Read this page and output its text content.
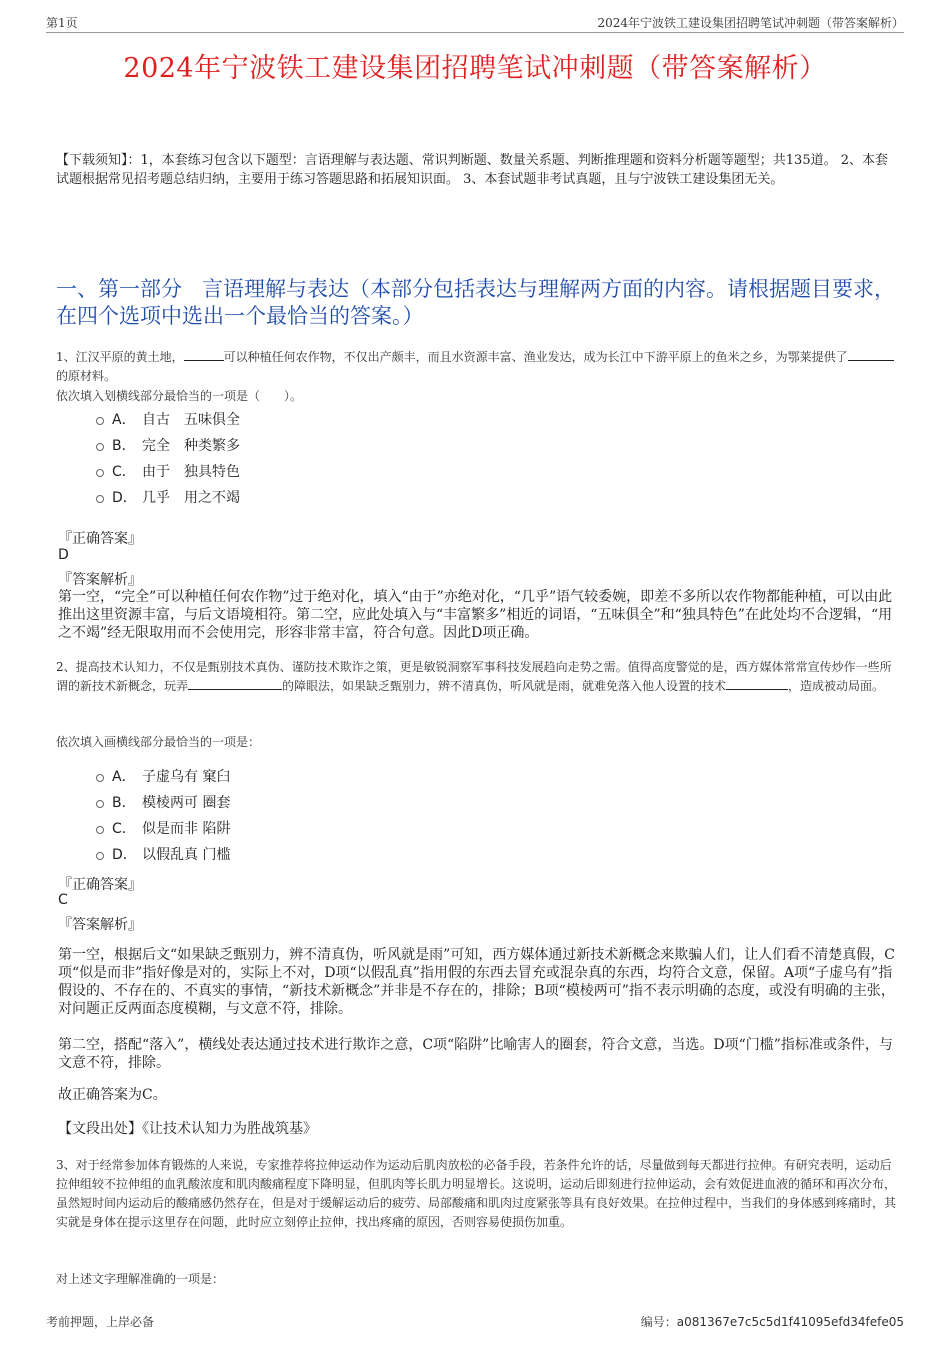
第1页	2024年宁波铁工建设集团招聘笔试冲刺题（带答案解析）
2024年宁波铁工建设集团招聘笔试冲刺题（带答案解析）
【下载须知】：1，本套练习包含以下题型：言语理解与表达题、常识判断题、数量关系题、判断推理题和资料分析题等题型；共135道。 2、本套试题根据常见招考题总结归纳，主要用于练习答题思路和拓展知识面。 3、本套试题非考试真题，且与宁波铁工建设集团无关。
一、第一部分 言语理解与表达（本部分包括表达与理解两方面的内容。请根据题目要求，在四个选项中选出一个最恰当的答案。）
1、江汉平原的黄土地，	可以种植任何农作物，不仅出产颇丰，而且水资源丰富、渔业发达，成为长江中下游平原上的鱼米之乡，为鄂莱提供了的原材料。
依次填入划横线部分最恰当的一项是（　　）。
A． 自古　五味俱全
B． 完全　种类繁多
C． 由于　独具特色
D． 几乎　用之不竭
『正确答案』
D
『答案解析』
第一空，“完全”可以种植任何农作物”过于绝对化，填入“由于”亦绝对化，“几乎”语气较委婉，即差不多所以农作物都能种植，可以由此推出这里资源丰富，与后文语境相符。第二空，应此处填入与“丰富繁多”相近的词语，“五味俱全”和“独具特色”在此处均不合逻辑，“用之不竭”经无限取用而不会使用完，形容非常丰富，符合句意。因此D项正确。
2、提高技术认知力，不仅是甄别技术真伪、谨防技术欺诈之策，更是敏锐洞察军事科技发展趋向走势之需。值得高度警觉的是，西方媒体常常宣传炒作一些所谓的新技术新概念，玩弄	的障眼法，如果缺乏甄别力，辨不清真伪，听风就是雨，就难免落入他人设置的技术	，造成被动局面。
依次填入画横线部分最恰当的一项是：
A． 子虚乌有 窠臼
B． 模棱两可 圈套
C． 似是而非 陷阱
D． 以假乱真 门槛
『正确答案』
C
『答案解析』
第一空，根据后文“如果缺乏甄别力，辨不清真伪，听风就是雨”可知，西方媒体通过新技术新概念来欺骗人们，让人们看不清楚真假，C项“似是而非”指好像是对的，实际上不对，D项“以假乱真”指用假的东西去冒充或混杂真的东西，均符合文意，保留。A项“子虚乌有”指假设的、不存在的、不真实的事情，“新技术新概念”并非是不存在的，排除；B项“模棱两可”指不表示明确的态度，或没有明确的主张，对问题正反两面态度模糊，与文意不符，排除。
第二空，搭配“落入”，横线处表达通过技术进行欺诈之意，C项“陷阱”比喻害人的圈套，符合文意，当选。D项“门槛”指标准或条件，与文意不符，排除。
故正确答案为C。
【文段出处】《让技术认知力为胜战筑基》
3、对于经常参加体育锻炼的人来说，专家推荐将拉伸运动作为运动后肌肉放松的必备手段，若条件允许的话，尽量做到每天都进行拉伸。有研究表明，运动后拉伸组较不拉伸组的血乳酸浓度和肌肉酸痛程度下降明显，但肌肉等长肌力明显增长。这说明，运动后即刻进行拉伸运动，会有效促进血液的循环和再次分布，虽然短时间内运动后的酸痛感仍然存在，但是对于缓解运动后的疲劳、局部酸痛和肌肉过度紧张等具有良好效果。在拉伸过程中，当我们的身体感到疼痛时，其实就是身体在提示这里存在问题，此时应立刻停止拉伸，找出疼痛的原因，否则容易使损伤加重。
对上述文字理解准确的一项是：
考前押题，上岸必备	编号：a081367e7c5c5d1f41095efd34fefe05
